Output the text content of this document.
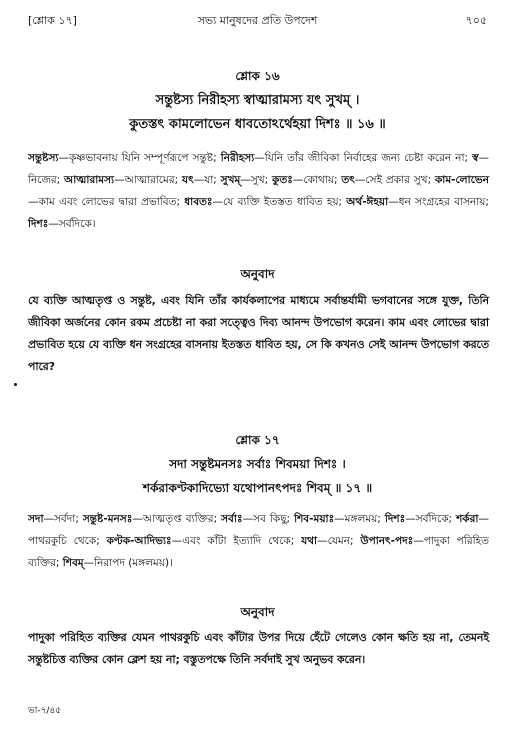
[শ্লোক ১৭]	সভ্য মানুষদের প্রতি উপদেশ	৭০৫
শ্লোক ১৬
সন্তুষ্টস্য নিরীহস্য স্বাত্মারামস্য যৎ সুখম্ ।
কুতস্তৎ কামলোভেন ধাবতোঽর্থেহয়া দিশঃ ॥ ১৬ ॥
সন্তুষ্টস্য—কৃষ্ণভাবনায় যিনি সম্পূর্ণরূপে সন্তুষ্ট; নিরীহস্য—যিনি তাঁর জীবিকা নির্বাহের জন্য চেষ্টা করেন না; স্ব—নিজের; আত্মারামস্য—আত্মারামের; যৎ—যা; সুখম্—সুখ; কুতঃ—কোথায়; তৎ—সেই প্রকার সুখ; কাম-লোভেন—কাম এবং লোভের দ্বারা প্রভাবিত; ধাবতঃ—যে ব্যক্তি ইতস্তত ধাবিত হয়; অর্থ-ঈহয়া—ধন সংগ্রহের বাসনায়; দিশঃ—সর্বদিকে।
অনুবাদ
যে ব্যক্তি আত্মতৃপ্ত ও সন্তুষ্ট, এবং যিনি তাঁর কার্যকলাপের মাধ্যমে সর্বান্তর্যামী ভগবানের সঙ্গে যুক্ত, তিনি জীবিকা অর্জনের কোন রকম প্রচেষ্টা না করা সত্ত্বেও দিব্য আনন্দ উপভোগ করেন। কাম এবং লোভের দ্বারা প্রভাবিত হয়ে যে ব্যক্তি ধন সংগ্রহের বাসনায় ইতস্তত ধাবিত হয়, সে কি কখনও সেই আনন্দ উপভোগ করতে পারে?
শ্লোক ১৭
সদা সন্তুষ্টমনসঃ সর্বাঃ শিবময়া দিশঃ ।
শর্করাকণ্টকাদিভ্যো যথোপানৎপদঃ শিবম্ ॥ ১৭ ॥
সদা—সর্বদা; সন্তুষ্ট-মনসঃ—আত্মতৃপ্ত ব্যক্তির; সর্বাঃ—সব কিছু; শিব-ময়াঃ—মঙ্গলময়; দিশঃ—সর্বদিকে; শর্করা—পাথরকুচি থেকে; কণ্টক-আদিভ্যঃ—এবং কাঁটা ইত্যাদি থেকে; যথা—যেমন; উপানৎ-পদঃ—পাদুকা পরিহিত ব্যক্তির; শিবম্—নিরাপদ (মঙ্গলময়)।
অনুবাদ
পাদুকা পরিহিত ব্যক্তির যেমন পাথরকুচি এবং কাঁটার উপর দিয়ে হেঁটে গেলেও কোন ক্ষতি হয় না, তেমনই সন্তুষ্টচিত্ত ব্যক্তির কোন ক্লেশ হয় না; বস্তুতপক্ষে তিনি সর্বদাই সুখ অনুভব করেন।
ভা-৭/৪৫
